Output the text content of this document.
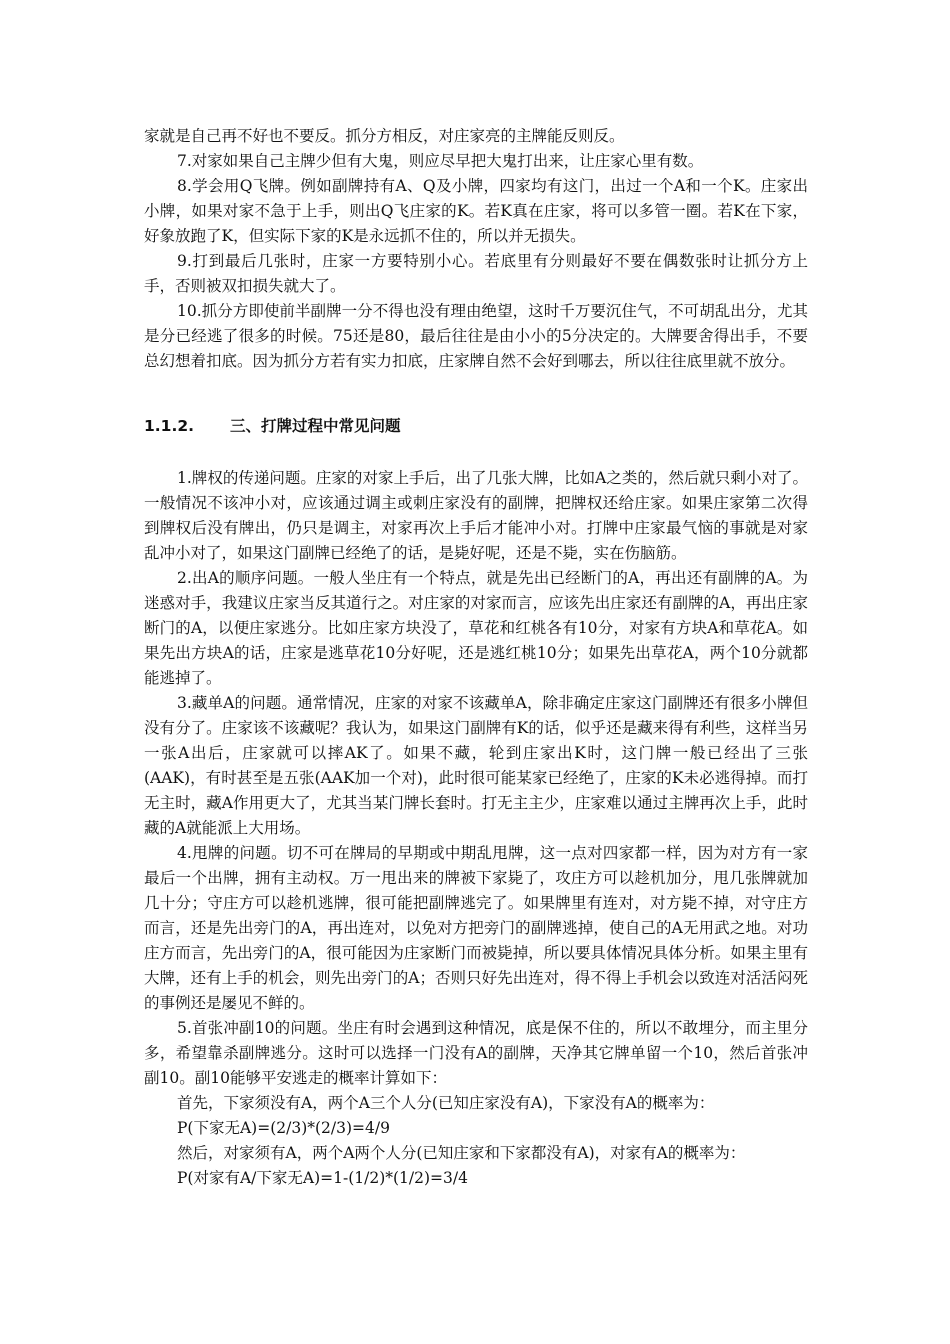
家就是自己再不好也不要反。抓分方相反，对庄家亮的主牌能反则反。

7.对家如果自己主牌少但有大鬼，则应尽早把大鬼打出来，让庄家心里有数。

8.学会用Q飞牌。例如副牌持有A、Q及小牌，四家均有这门，出过一个A和一个K。庄家出小牌，如果对家不急于上手，则出Q飞庄家的K。若K真在庄家，将可以多管一圈。若K在下家，好象放跑了K，但实际下家的K是永远抓不住的，所以并无损失。

9.打到最后几张时，庄家一方要特别小心。若底里有分则最好不要在偶数张时让抓分方上手，否则被双扣损失就大了。

10.抓分方即使前半副牌一分不得也没有理由绝望，这时千万要沉住气，不可胡乱出分，尤其是分已经逃了很多的时候。75还是80，最后往往是由小小的5分决定的。大牌要舍得出手，不要总幻想着扣底。因为抓分方若有实力扣底，庄家牌自然不会好到哪去，所以往往底里就不放分。

1.1.2.	三、打牌过程中常见问题

1.牌权的传递问题。庄家的对家上手后，出了几张大牌，比如A之类的，然后就只剩小对了。一般情况不该冲小对，应该通过调主或刺庄家没有的副牌，把牌权还给庄家。如果庄家第二次得到牌权后没有牌出，仍只是调主，对家再次上手后才能冲小对。打牌中庄家最气恼的事就是对家乱冲小对了，如果这门副牌已经绝了的话，是毙好呢，还是不毙，实在伤脑筋。

2.出A的顺序问题。一般人坐庄有一个特点，就是先出已经断门的A，再出还有副牌的A。为迷惑对手，我建议庄家当反其道行之。对庄家的对家而言，应该先出庄家还有副牌的A，再出庄家断门的A，以便庄家逃分。比如庄家方块没了，草花和红桃各有10分，对家有方块A和草花A。如果先出方块A的话，庄家是逃草花10分好呢，还是逃红桃10分；如果先出草花A，两个10分就都能逃掉了。

3.藏单A的问题。通常情况，庄家的对家不该藏单A，除非确定庄家这门副牌还有很多小牌但没有分了。庄家该不该藏呢？我认为，如果这门副牌有K的话，似乎还是藏来得有利些，这样当另一张A出后，庄家就可以摔AK了。如果不藏，轮到庄家出K时，这门牌一般已经出了三张(AAK)，有时甚至是五张(AAK加一个对)，此时很可能某家已经绝了，庄家的K未必逃得掉。而打无主时，藏A作用更大了，尤其当某门牌长套时。打无主主少，庄家难以通过主牌再次上手，此时藏的A就能派上大用场。

4.甩牌的问题。切不可在牌局的早期或中期乱甩牌，这一点对四家都一样，因为对方有一家最后一个出牌，拥有主动权。万一甩出来的牌被下家毙了，攻庄方可以趁机加分，甩几张牌就加几十分；守庄方可以趁机逃牌，很可能把副牌逃完了。如果牌里有连对，对方毙不掉，对守庄方而言，还是先出旁门的A，再出连对，以免对方把旁门的副牌逃掉，使自己的A无用武之地。对功庄方而言，先出旁门的A，很可能因为庄家断门而被毙掉，所以要具体情况具体分析。如果主里有大牌，还有上手的机会，则先出旁门的A；否则只好先出连对，得不得上手机会以致连对活活闷死的事例还是屡见不鲜的。

5.首张冲副10的问题。坐庄有时会遇到这种情况，底是保不住的，所以不敢埋分，而主里分多，希望靠杀副牌逃分。这时可以选择一门没有A的副牌，天净其它牌单留一个10，然后首张冲副10。副10能够平安逃走的概率计算如下：

首先，下家须没有A，两个A三个人分(已知庄家没有A)，下家没有A的概率为：

P(下家无A)=(2/3)*(2/3)=4/9

然后，对家须有A，两个A两个人分(已知庄家和下家都没有A)，对家有A的概率为：

P(对家有A/下家无A)=1-(1/2)*(1/2)=3/4
